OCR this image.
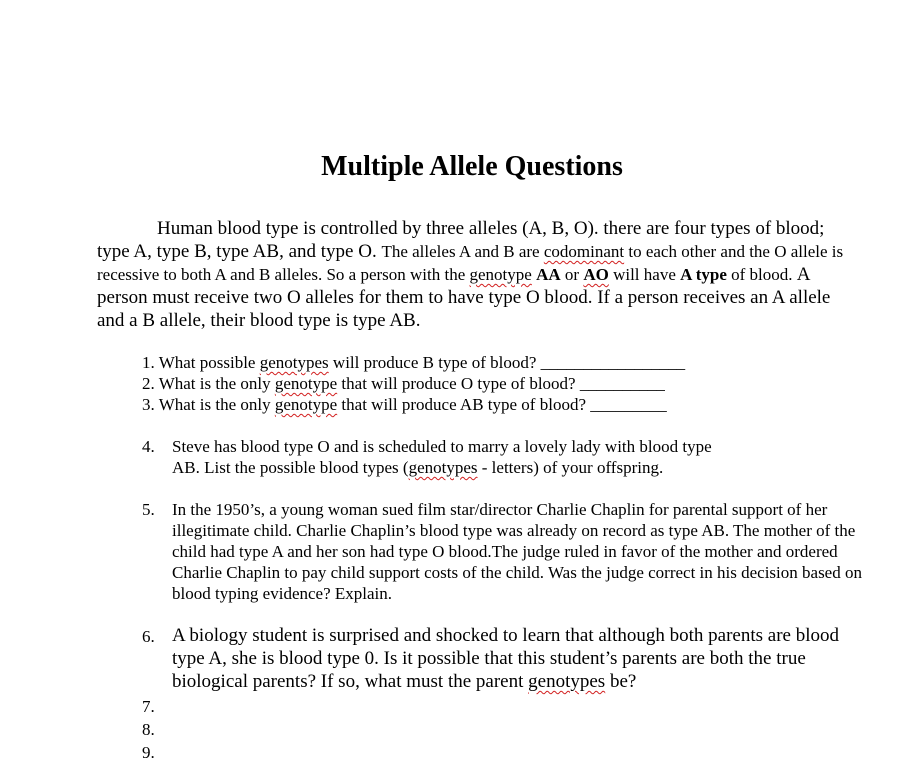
Multiple Allele Questions
Human blood type is controlled by three alleles (A, B, O). there are four types of blood; type A, type B, type AB, and type O. The alleles A and B are codominant to each other and the O allele is recessive to both A and B alleles. So a person with the genotype AA or AO will have A type of blood. A person must receive two O alleles for them to have type O blood. If a person receives an A allele and a B allele, their blood type is type AB.
1. What possible genotypes will produce B type of blood? _________________
2. What is the only genotype that will produce O type of blood? __________
3. What is the only genotype that will produce AB type of blood? _________
4.	Steve has blood type O and is scheduled to marry a lovely lady with blood type AB. List the possible blood types (genotypes - letters) of your offspring.
5.	In the 1950’s, a young woman sued film star/director Charlie Chaplin for parental support of her illegitimate child. Charlie Chaplin’s blood type was already on record as type AB. The mother of the child had type A and her son had type O blood.The judge ruled in favor of the mother and ordered Charlie Chaplin to pay child support costs of the child. Was the judge correct in his decision based on blood typing evidence? Explain.
6. A biology student is surprised and shocked to learn that although both parents are blood type A, she is blood type 0. Is it possible that this student’s parents are both the true biological parents? If so, what must the parent genotypes be?
7.
8.
9.
